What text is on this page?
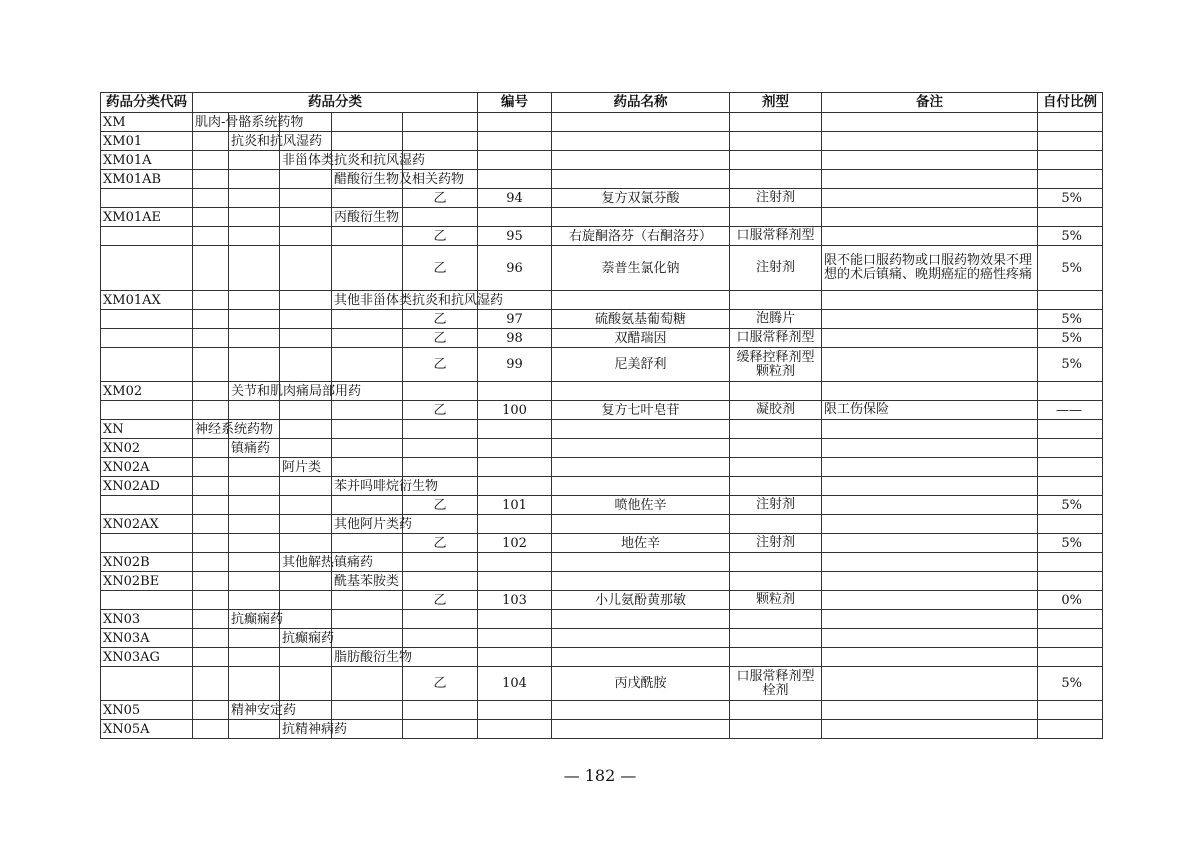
药品分类代码	药品分类					编号	药品名称	剂型	备注	自付比例
XM	肌肉-骨骼系统药物									
XM01		抗炎和抗风湿药								
XM01A			非甾体类抗炎和抗风湿药							
XM01AB				醋酸衍生物及相关药物						
					乙	94	复方双氯芬酸	注射剂		5%
XM01AE				丙酸衍生物						
					乙	95	右旋酮洛芬（右酮洛芬）	口服常释剂型		5%
					乙	96	萘普生氯化钠	注射剂	限不能口服药物或口服药物效果不理想的术后镇痛、晚期癌症的癌性疼痛	5%
XM01AX				其他非甾体类抗炎和抗风湿药						
					乙	97	硫酸氨基葡萄糖	泡腾片		5%
					乙	98	双醋瑞因	口服常释剂型		5%
					乙	99	尼美舒利	缓释控释剂型颗粒剂		5%
XM02		关节和肌肉痛局部用药								
					乙	100	复方七叶皂苷	凝胶剂	限工伤保险	——
XN	神经系统药物									
XN02		镇痛药								
XN02A			阿片类							
XN02AD				苯并吗啡烷衍生物						
					乙	101	喷他佐辛	注射剂		5%
XN02AX				其他阿片类药						
					乙	102	地佐辛	注射剂		5%
XN02B			其他解热镇痛药							
XN02BE				酰基苯胺类						
					乙	103	小儿氨酚黄那敏	颗粒剂		0%
XN03		抗癫痫药								
XN03A			抗癫痫药							
XN03AG				脂肪酸衍生物						
					乙	104	丙戊酰胺	口服常释剂型栓剂		5%
XN05		精神安定药								
XN05A			抗精神病药							
— 182 —
